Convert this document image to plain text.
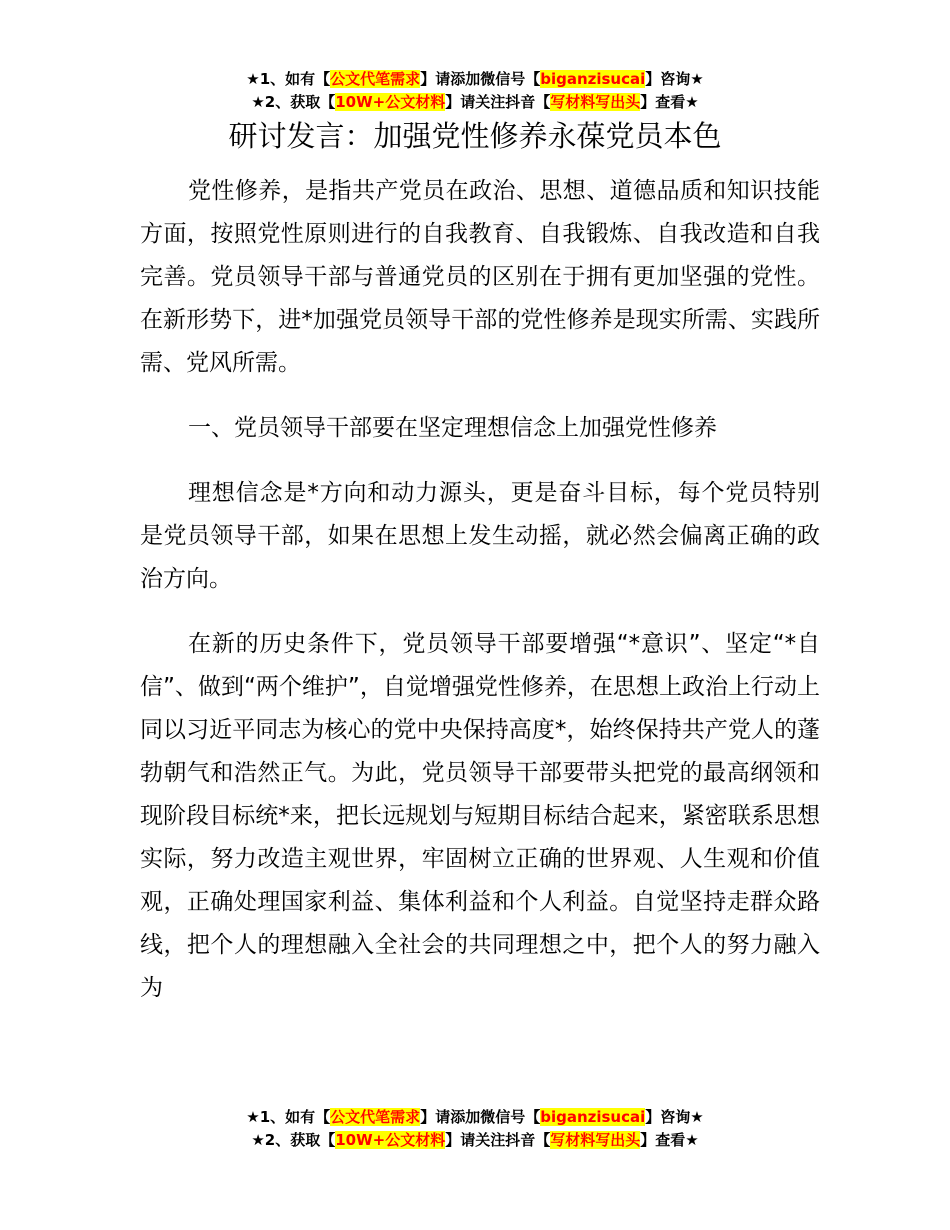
★1、如有【公文代笔需求】请添加微信号【biganzisucai】咨询★
★2、获取【10W+公文材料】请关注抖音【写材料写出头】查看★
研讨发言：加强党性修养永葆党员本色

党性修养，是指共产党员在政治、思想、道德品质和知识技能方面，按照党性原则进行的自我教育、自我锻炼、自我改造和自我完善。党员领导干部与普通党员的区别在于拥有更加坚强的党性。在新形势下，进*加强党员领导干部的党性修养是现实所需、实践所需、党风所需。

一、党员领导干部要在坚定理想信念上加强党性修养

理想信念是*方向和动力源头，更是奋斗目标，每个党员特别是党员领导干部，如果在思想上发生动摇，就必然会偏离正确的政治方向。

在新的历史条件下，党员领导干部要增强“*意识”、坚定“*自信”、做到“两个维护”，自觉增强党性修养，在思想上政治上行动上同以习近平同志为核心的党中央保持高度*，始终保持共产党人的蓬勃朝气和浩然正气。为此，党员领导干部要带头把党的最高纲领和现阶段目标统*来，把长远规划与短期目标结合起来，紧密联系思想实际，努力改造主观世界，牢固树立正确的世界观、人生观和价值观，正确处理国家利益、集体利益和个人利益。自觉坚持走群众路线，把个人的理想融入全社会的共同理想之中，把个人的努力融入为

★1、如有【公文代笔需求】请添加微信号【biganzisucai】咨询★
★2、获取【10W+公文材料】请关注抖音【写材料写出头】查看★
